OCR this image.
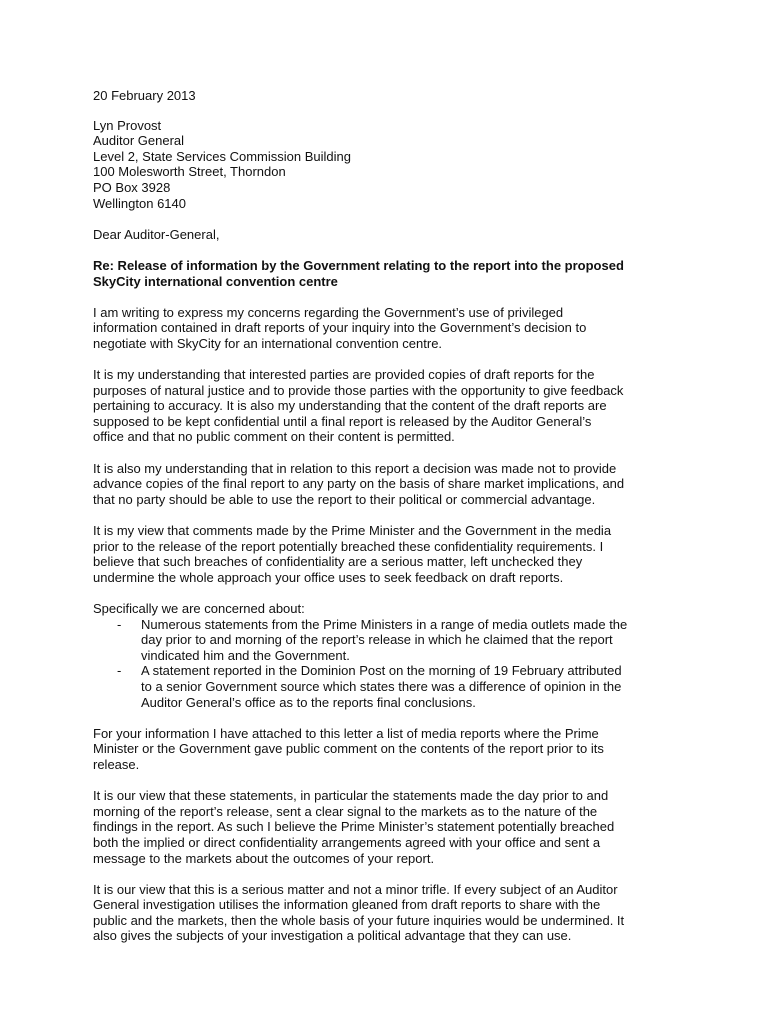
20 February 2013
Lyn Provost
Auditor General
Level 2, State Services Commission Building
100 Molesworth Street, Thorndon
PO Box 3928
Wellington 6140
Dear Auditor-General,
Re: Release of information by the Government relating to the report into the proposed
SkyCity international convention centre
I am writing to express my concerns regarding the Government’s use of privileged
information contained in draft reports of your inquiry into the Government’s decision to
negotiate with SkyCity for an international convention centre.
It is my understanding that interested parties are provided copies of draft reports for the
purposes of natural justice and to provide those parties with the opportunity to give feedback
pertaining to accuracy. It is also my understanding that the content of the draft reports are
supposed to be kept confidential until a final report is released by the Auditor General’s
office and that no public comment on their content is permitted.
It is also my understanding that in relation to this report a decision was made not to provide
advance copies of the final report to any party on the basis of share market implications, and
that no party should be able to use the report to their political or commercial advantage.
It is my view that comments made by the Prime Minister and the Government in the media
prior to the release of the report potentially breached these confidentiality requirements. I
believe that such breaches of confidentiality are a serious matter, left unchecked they
undermine the whole approach your office uses to seek feedback on draft reports.
Specifically we are concerned about:
- Numerous statements from the Prime Ministers in a range of media outlets made the
day prior to and morning of the report’s release in which he claimed that the report
vindicated him and the Government.
- A statement reported in the Dominion Post on the morning of 19 February attributed
to a senior Government source which states there was a difference of opinion in the
Auditor General’s office as to the reports final conclusions.
For your information I have attached to this letter a list of media reports where the Prime
Minister or the Government gave public comment on the contents of the report prior to its
release.
It is our view that these statements, in particular the statements made the day prior to and
morning of the report’s release, sent a clear signal to the markets as to the nature of the
findings in the report. As such I believe the Prime Minister’s statement potentially breached
both the implied or direct confidentiality arrangements agreed with your office and sent a
message to the markets about the outcomes of your report.
It is our view that this is a serious matter and not a minor trifle. If every subject of an Auditor
General investigation utilises the information gleaned from draft reports to share with the
public and the markets, then the whole basis of your future inquiries would be undermined. It
also gives the subjects of your investigation a political advantage that they can use.
